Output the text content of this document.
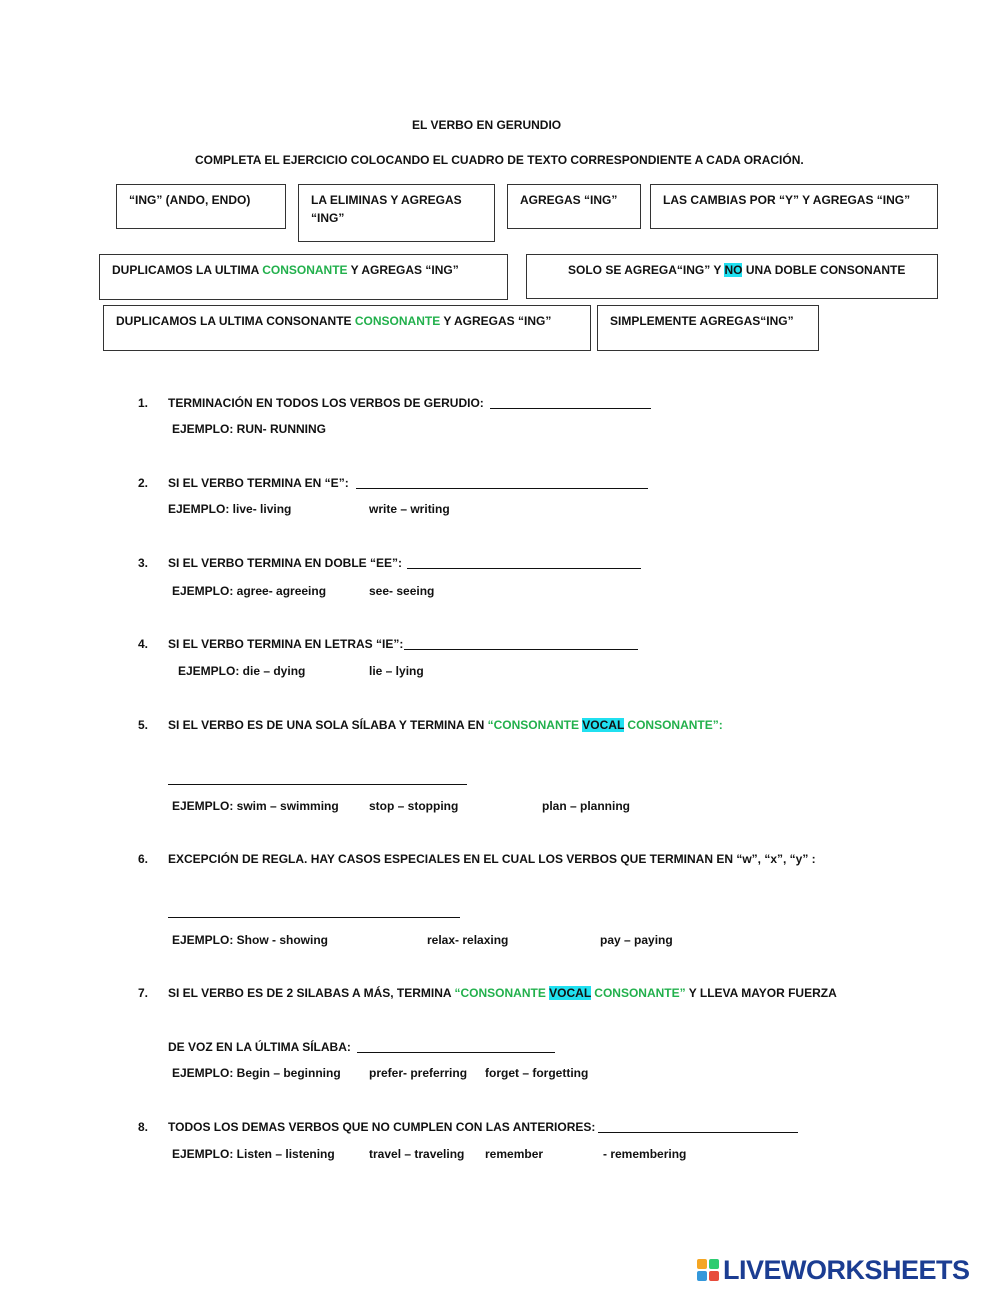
EL VERBO EN GERUNDIO
COMPLETA EL EJERCICIO COLOCANDO EL CUADRO DE TEXTO CORRESPONDIENTE A CADA ORACIÓN.
“ING” (ANDO, ENDO)	LA ELIMINAS Y AGREGAS “ING”
AGREGAS “ING”	LAS CAMBIAS POR “Y” Y AGREGAS “ING”
DUPLICAMOS LA ULTIMA CONSONANTE Y AGREGAS “ING”	SOLO SE AGREGA“ING” Y NO UNA DOBLE CONSONANTE
DUPLICAMOS LA ULTIMA CONSONANTE CONSONANTE Y AGREGAS “ING”	SIMPLEMENTE AGREGAS“ING”
1. TERMINACIÓN EN TODOS LOS VERBOS DE GERUDIO:
EJEMPLO: RUN- RUNNING
2. SI EL VERBO TERMINA EN “E”:
EJEMPLO: live- living	write – writing
3. SI EL VERBO TERMINA EN DOBLE “EE”:
EJEMPLO: agree- agreeing	see- seeing
4. SI EL VERBO TERMINA EN LETRAS “IE”:
EJEMPLO: die – dying	lie – lying
5. SI EL VERBO ES DE UNA SOLA SÍLABA Y TERMINA EN “CONSONANTE VOCAL CONSONANTE”:
EJEMPLO: swim – swimming	stop – stopping	plan – planning
6. EXCEPCIÓN DE REGLA. HAY CASOS ESPECIALES EN EL CUAL LOS VERBOS QUE TERMINAN EN “w”, “x”, “y” :
EJEMPLO: Show - showing	relax- relaxing	pay – paying
7. SI EL VERBO ES DE 2 SILABAS A MÁS, TERMINA “CONSONANTE VOCAL CONSONANTE” Y LLEVA MAYOR FUERZA
DE VOZ EN LA ÚLTIMA SÍLABA:
EJEMPLO: Begin – beginning prefer- preferring forget – forgetting
8. TODOS LOS DEMAS VERBOS QUE NO CUMPLEN CON LAS ANTERIORES:
EJEMPLO: Listen – listening	travel – traveling remember	- remembering
LIVEWORKSHEETS
